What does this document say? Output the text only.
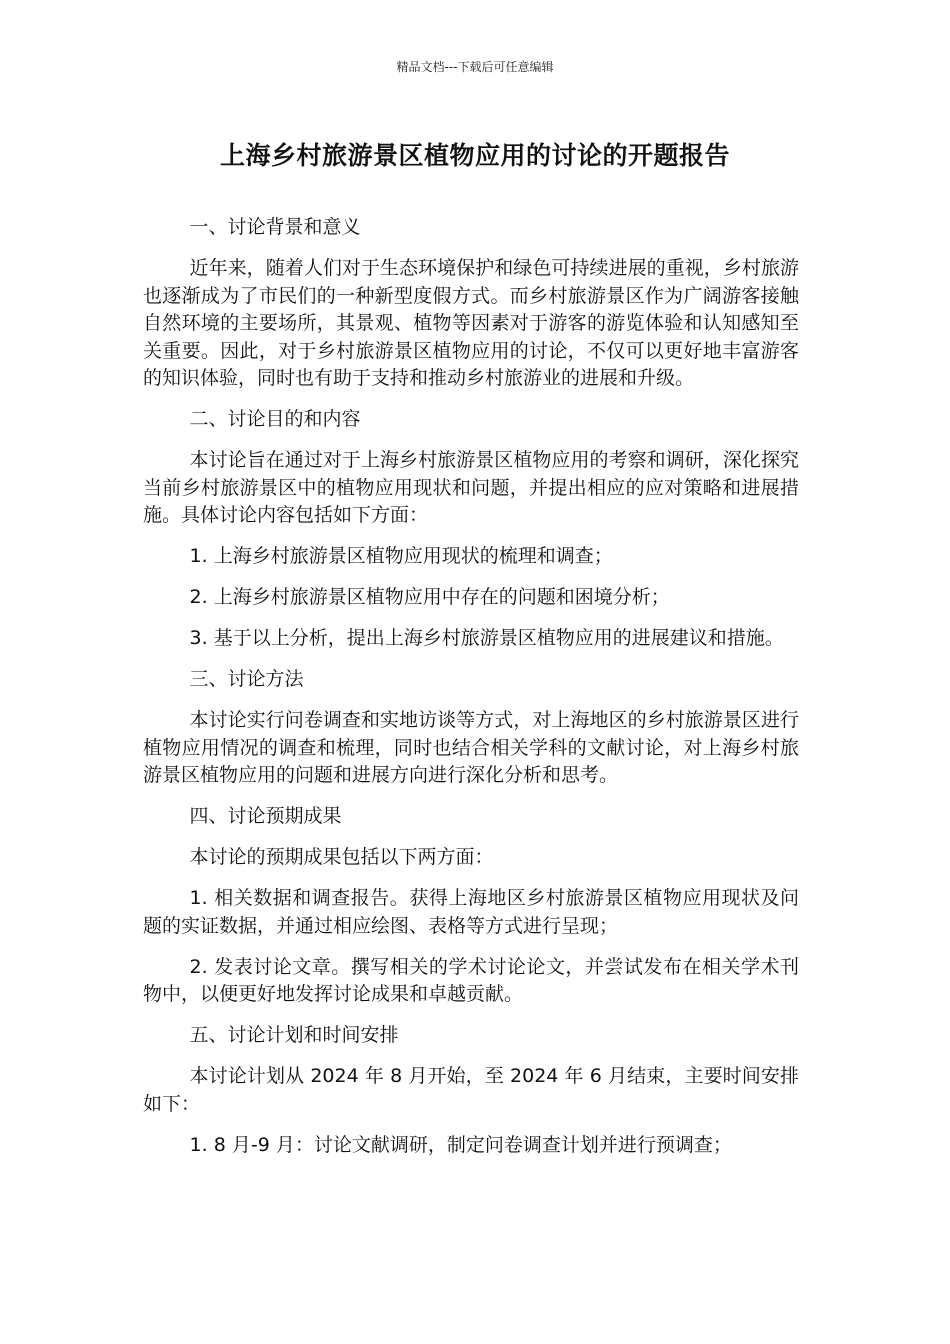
精品文档---下载后可任意编辑
上海乡村旅游景区植物应用的讨论的开题报告

一、讨论背景和意义

近年来，随着人们对于生态环境保护和绿色可持续进展的重视，乡村旅游也逐渐成为了市民们的一种新型度假方式。而乡村旅游景区作为广阔游客接触自然环境的主要场所，其景观、植物等因素对于游客的游览体验和认知感知至关重要。因此，对于乡村旅游景区植物应用的讨论，不仅可以更好地丰富游客的知识体验，同时也有助于支持和推动乡村旅游业的进展和升级。

二、讨论目的和内容

本讨论旨在通过对于上海乡村旅游景区植物应用的考察和调研，深化探究当前乡村旅游景区中的植物应用现状和问题，并提出相应的应对策略和进展措施。具体讨论内容包括如下方面：

1. 上海乡村旅游景区植物应用现状的梳理和调查；

2. 上海乡村旅游景区植物应用中存在的问题和困境分析；

3. 基于以上分析，提出上海乡村旅游景区植物应用的进展建议和措施。

三、讨论方法

本讨论实行问卷调查和实地访谈等方式，对上海地区的乡村旅游景区进行植物应用情况的调查和梳理，同时也结合相关学科的文献讨论，对上海乡村旅游景区植物应用的问题和进展方向进行深化分析和思考。

四、讨论预期成果

本讨论的预期成果包括以下两方面：

1. 相关数据和调查报告。获得上海地区乡村旅游景区植物应用现状及问题的实证数据，并通过相应绘图、表格等方式进行呈现；

2. 发表讨论文章。撰写相关的学术讨论论文，并尝试发布在相关学术刊物中，以便更好地发挥讨论成果和卓越贡献。

五、讨论计划和时间安排

本讨论计划从 2024 年 8 月开始，至 2024 年 6 月结束，主要时间安排如下：

1. 8 月-9 月：讨论文献调研，制定问卷调查计划并进行预调查；
